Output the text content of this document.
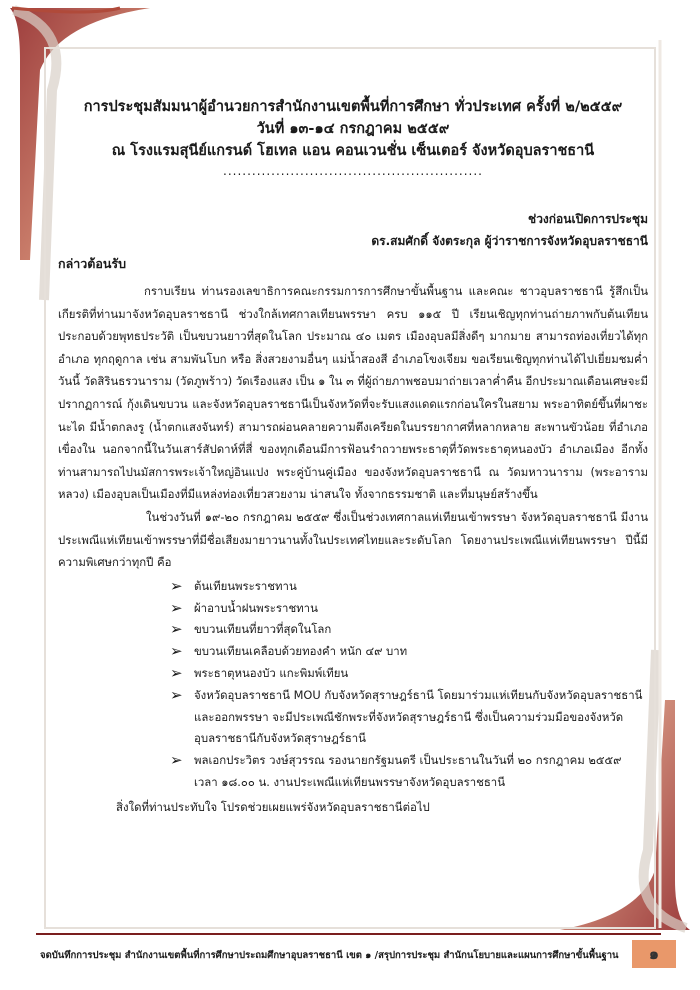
การประชุมสัมมนาผู้อำนวยการสำนักงานเขตพื้นที่การศึกษา ทั่วประเทศ ครั้งที่ ๒/๒๕๕๙

วันที่ ๑๓-๑๔ กรกฎาคม ๒๕๕๙

ณ โรงแรมสุนีย์แกรนด์ โฮเทล แอน คอนเวนชั่น เซ็นเตอร์ จังหวัดอุบลราชธานี

......................................................
ช่วงก่อนเปิดการประชุม
ดร.สมศักดิ์ จังตระกุล ผู้ว่าราชการจังหวัดอุบลราชธานี
กล่าวต้อนรับ

กราบเรียน ท่านรองเลขาธิการคณะกรรมการการศึกษาขั้นพื้นฐาน และคณะ ชาวอุบลราชธานี รู้สึกเป็นเกียรติที่ท่านมาจังหวัดอุบลราชธานี ช่วงใกล้เทศกาลเทียนพรรษา ครบ ๑๑๕ ปี เรียนเชิญทุกท่านถ่ายภาพกับต้นเทียนประกอบด้วยพุทธประวัติ เป็นขบวนยาวที่สุดในโลก ประมาณ ๔๐ เมตร เมืองอุบลมีสิ่งดีๆ มากมาย สามารถท่องเที่ยวได้ทุกอำเภอ ทุกฤดูกาล เช่น สามพันโบก หรือ สิ่งสวยงามอื่นๆ แม่น้ำสองสี อำเภอโขงเจียม ขอเรียนเชิญทุกท่านได้ไปเยี่ยมชมค่ำวันนี้ วัดสิรินธรวนาราม (วัดภูพร้าว) วัดเรืองแสง เป็น ๑ ใน ๓ ที่ผู้ถ่ายภาพชอบมาถ่ายเวลาค่ำคืน อีกประมาณเดือนเศษจะมี ปรากฏการณ์ กุ้งเดินขบวน และจังหวัดอุบลราชธานีเป็นจังหวัดที่จะรับแสงแดดแรกก่อนใครในสยาม พระอาทิตย์ขึ้นที่ผาชะนะได มีน้ำตกลงรู (น้ำตกแสงจันทร์) สามารถผ่อนคลายความตึงเครียดในบรรยากาศที่หลากหลาย สะพานขัวน้อย ที่อำเภอเขื่องใน นอกจากนี้ในวันเสาร์สัปดาห์ที่สี่ ของทุกเดือนมีการฟ้อนรำถวายพระธาตุที่วัดพระธาตุหนองบัว อำเภอเมือง อีกทั้งท่านสามารถไปนมัสการพระเจ้าใหญ่อินแปง พระคู่บ้านคู่เมือง ของจังหวัดอุบลราชธานี ณ วัดมหาวนาราม (พระอารามหลวง) เมืองอุบลเป็นเมืองที่มีแหล่งท่องเที่ยวสวยงาม น่าสนใจ ทั้งจากธรรมชาติ และที่มนุษย์สร้างขึ้น

ในช่วงวันที่ ๑๙-๒๐ กรกฎาคม ๒๕๕๙ ซึ่งเป็นช่วงเทศกาลแห่เทียนเข้าพรรษา จังหวัดอุบลราชธานี มีงานประเพณีแห่เทียนเข้าพรรษาที่มีชื่อเสียงมายาวนานทั้งในประเทศไทยและระดับโลก โดยงานประเพณีแห่เทียนพรรษา ปีนี้มีความพิเศษกว่าทุกปี คือ

➢ ต้นเทียนพระราชทาน
➢ ผ้าอาบน้ำฝนพระราชทาน
➢ ขบวนเทียนที่ยาวที่สุดในโลก
➢ ขบวนเทียนเคลือบด้วยทองคำ หนัก ๔๙ บาท
➢ พระธาตุหนองบัว แกะพิมพ์เทียน
➢ จังหวัดอุบลราชธานี MOU กับจังหวัดสุราษฎร์ธานี โดยมาร่วมแห่เทียนกับจังหวัดอุบลราชธานี และออกพรรษา จะมีประเพณีชักพระที่จังหวัดสุราษฎร์ธานี ซึ่งเป็นความร่วมมือของจังหวัดอุบลราชธานีกับจังหวัดสุราษฎร์ธานี
➢ พลเอกประวิตร วงษ์สุวรรณ รองนายกรัฐมนตรี เป็นประธานในวันที่ ๒๐ กรกฎาคม ๒๕๕๙ เวลา ๑๘.๐๐ น. งานประเพณีแห่เทียนพรรษาจังหวัดอุบลราชธานี

สิ่งใดที่ท่านประทับใจ โปรดช่วยเผยแพร่จังหวัดอุบลราชธานีต่อไป

จดบันทึกการประชุม สำนักงานเขตพื้นที่การศึกษาประถมศึกษาอุบลราชธานี เขต ๑ /สรุปการประชุม สำนักนโยบายและแผนการศึกษาขั้นพื้นฐาน	๑
